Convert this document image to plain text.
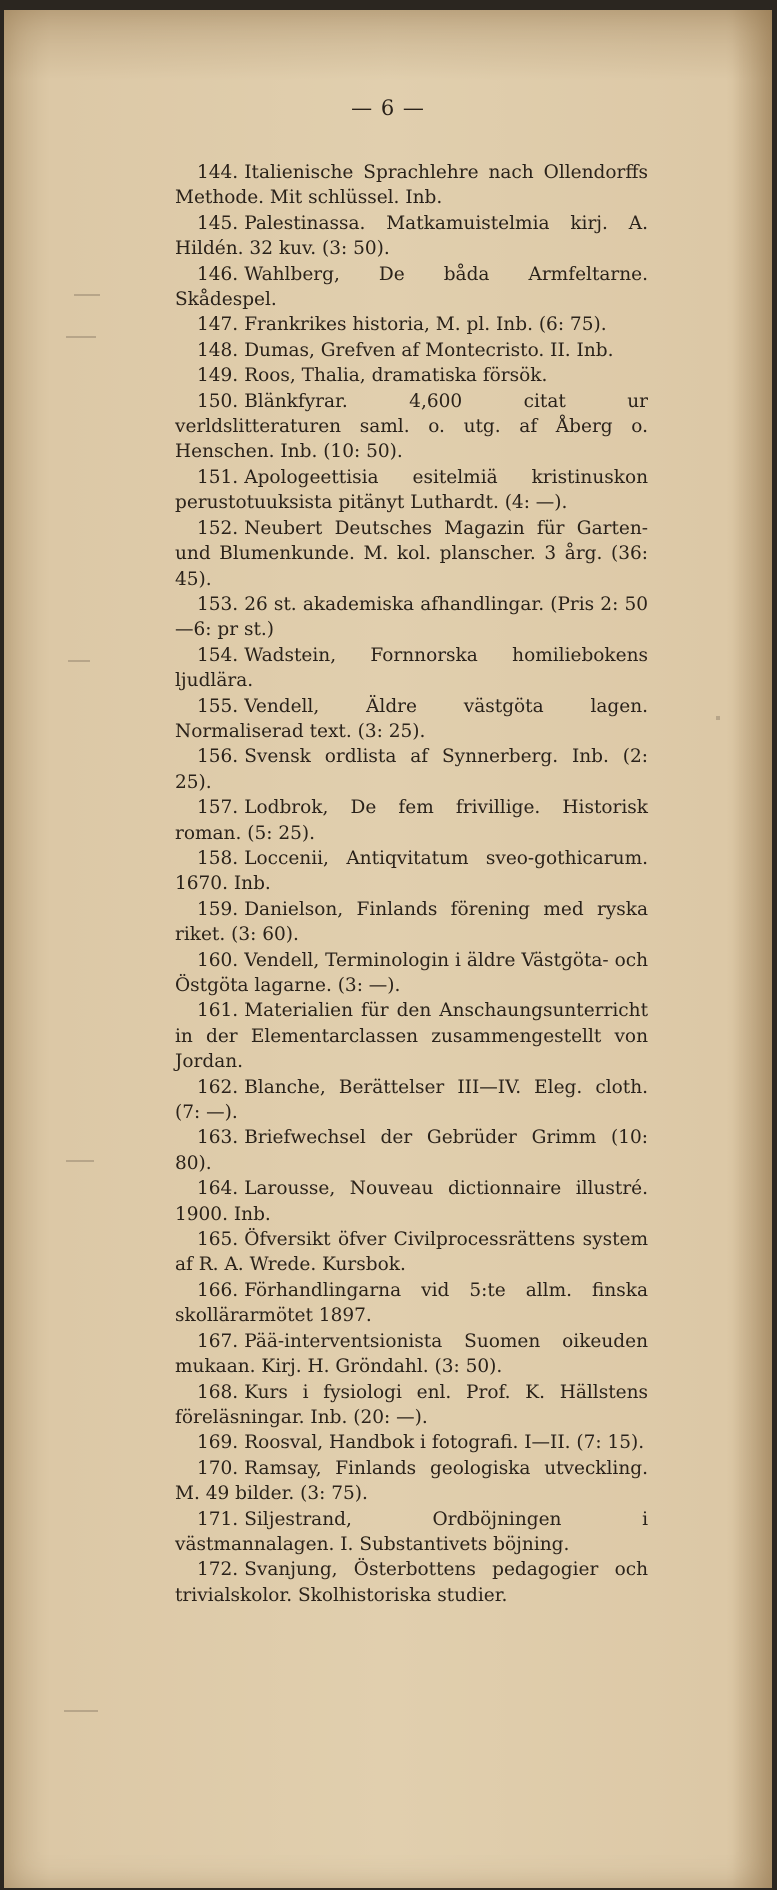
— 6 —

144. Italienische Sprachlehre nach Ollendorffs Methode. Mit schlüssel. Inb.

145. Palestinassa. Matkamuistelmia kirj. A. Hildén. 32 kuv. (3: 50).

146. Wahlberg, De båda Armfeltarne. Skådespel.

147. Frankrikes historia, M. pl. Inb. (6: 75).

148. Dumas, Grefven af Montecristo. II. Inb.

149. Roos, Thalia, dramatiska försök.

150. Blänkfyrar. 4,600 citat ur verldslitteraturen saml. o. utg. af Åberg o. Henschen. Inb. (10: 50).

151. Apologeettisia esitelmiä kristinuskon perustotuuksista pitänyt Luthardt. (4: —).

152. Neubert Deutsches Magazin für Garten- und Blumenkunde. M. kol. planscher. 3 årg. (36: 45).

153. 26 st. akademiska afhandlingar. (Pris 2: 50—6: pr st.)

154. Wadstein, Fornnorska homiliebokens ljudlära.

155. Vendell, Äldre västgöta lagen. Normaliserad text. (3: 25).

156. Svensk ordlista af Synnerberg. Inb. (2: 25).

157. Lodbrok, De fem frivillige. Historisk roman. (5: 25).

158. Loccenii, Antiqvitatum sveo-gothicarum. 1670. Inb.

159. Danielson, Finlands förening med ryska riket. (3: 60).

160. Vendell, Terminologin i äldre Västgöta- och Östgöta lagarne. (3: —).

161. Materialien für den Anschaungsunterricht in der Elementarclassen zusammengestellt von Jordan.

162. Blanche, Berättelser III—IV. Eleg. cloth. (7: —).

163. Briefwechsel der Gebrüder Grimm (10: 80).

164. Larousse, Nouveau dictionnaire illustré. 1900. Inb.

165. Öfversikt öfver Civilprocessrättens system af R. A. Wrede. Kursbok.

166. Förhandlingarna vid 5:te allm. finska skollärarmötet 1897.

167. Pää-interventsionista Suomen oikeuden mukaan. Kirj. H. Gröndahl. (3: 50).

168. Kurs i fysiologi enl. Prof. K. Hällstens föreläsningar. Inb. (20: —).

169. Roosval, Handbok i fotografi. I—II. (7: 15).

170. Ramsay, Finlands geologiska utveckling. M. 49 bilder. (3: 75).

171. Siljestrand, Ordböjningen i västmannalagen. I. Substantivets böjning.

172. Svanjung, Österbottens pedagogier och trivialskolor. Skolhistoriska studier.
